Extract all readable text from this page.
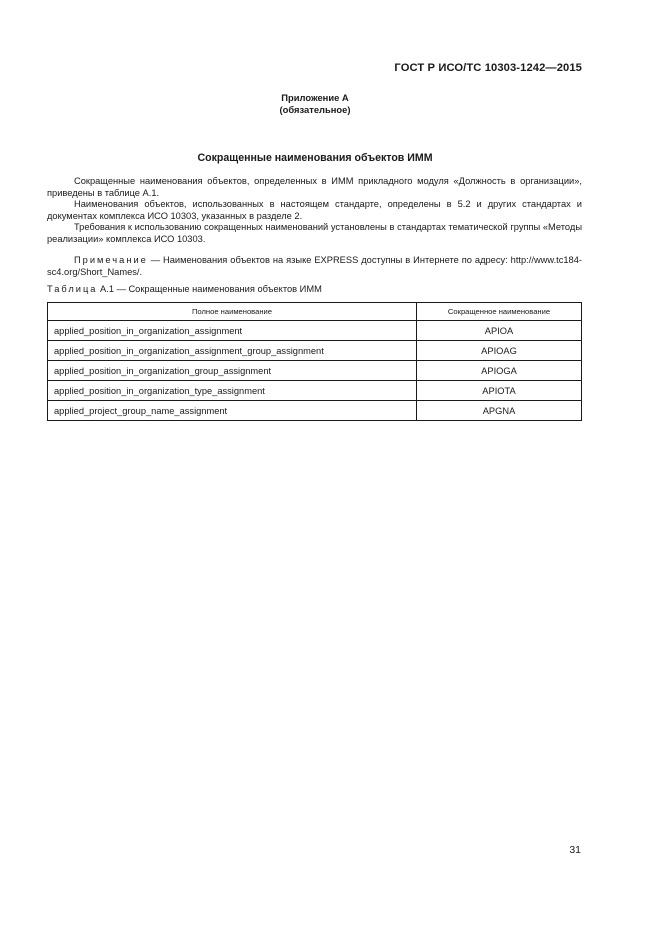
ГОСТ Р ИСО/ТС 10303-1242—2015
Приложение А
(обязательное)
Сокращенные наименования объектов ИММ

Сокращенные наименования объектов, определенных в ИММ прикладного модуля «Должность в организации», приведены в таблице А.1.

Наименования объектов, использованных в настоящем стандарте, определены в 5.2 и других стандартах и документах комплекса ИСО 10303, указанных в разделе 2.

Требования к использованию сокращенных наименований установлены в стандартах тематической группы «Методы реализации» комплекса ИСО 10303.

Примечание — Наименования объектов на языке EXPRESS доступны в Интернете по адресу: http://www.tc184-sc4.org/Short_Names/.

Таблица А.1 — Сокращенные наименования объектов ИММ
Полное наименование	Сокращенное наименование
applied_position_in_organization_assignment	APIOA
applied_position_in_organization_assignment_group_assignment	APIOAG
applied_position_in_organization_group_assignment	APIOGA
applied_position_in_organization_type_assignment	APIOTA
applied_project_group_name_assignment	APGNA
31
